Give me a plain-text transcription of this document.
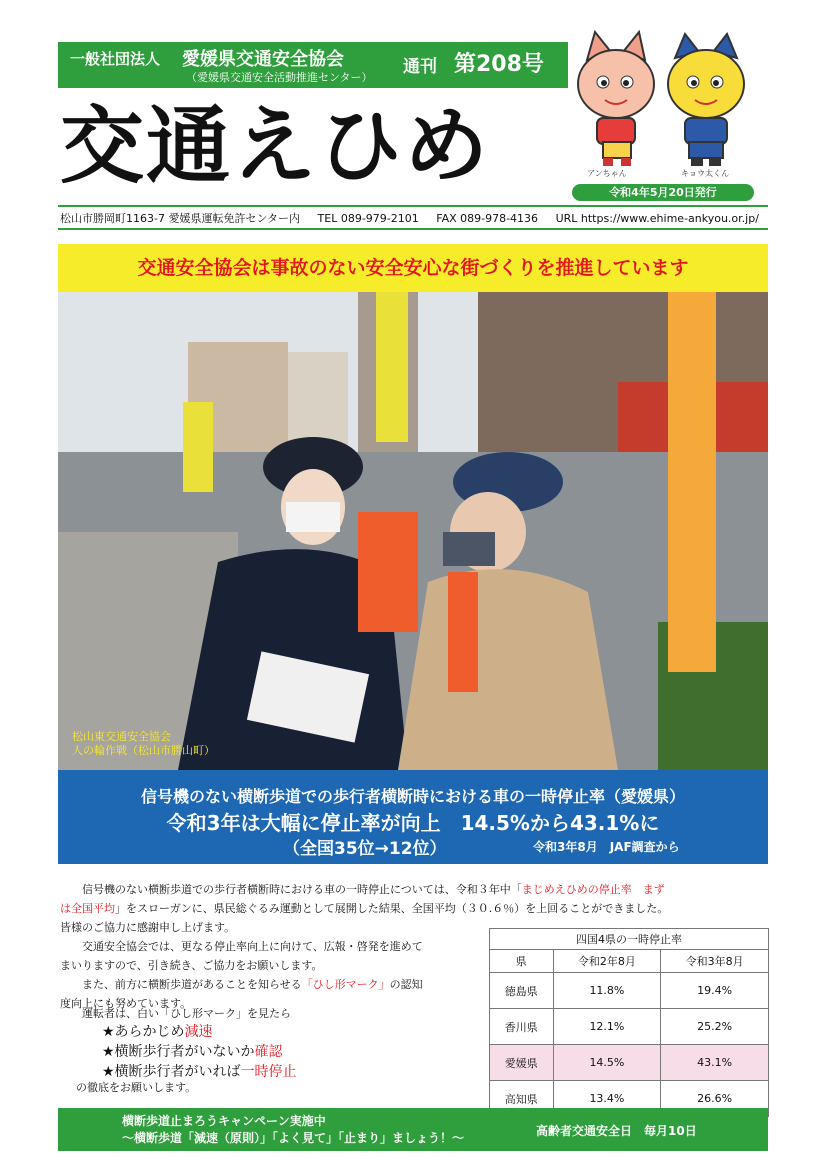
一般社団法人 愛媛県交通安全協会
（愛媛県交通安全活動推進センター）
通刊 第208号
交通えひめ	アンちゃん	キョウ太くん
令和4年5月20日発行
松山市勝岡町1163-7 愛媛県運転免許センター内 TEL 089-979-2101 FAX 089-978-4136 URL https://www.ehime-ankyou.or.jp/
交通安全協会は事故のない安全安心な街づくりを推進しています
松山東交通安全協会
人の輪作戦（松山市勝山町）
信号機のない横断歩道での歩行者横断時における車の一時停止率（愛媛県）
令和3年は大幅に停止率が向上　14.5%から43.1%に
（全国35位→12位）	令和3年8月　JAF調査から
信号機のない横断歩道での歩行者横断時における車の一時停止については、令和３年中「まじめえひめの停止率　まず
は全国平均」をスローガンに、県民総ぐるみ運動として展開した結果、全国平均（３０.６％）を上回ることができました。
皆様のご協力に感謝申し上げます。
交通安全協会では、更なる停止率向上に向けて、広報・啓発を進めて
まいりますので、引き続き、ご協力をお願いします。
また、前方に横断歩道があることを知らせる「ひし形マーク」の認知
度向上にも努めています。
運転者は、白い「ひし形マーク」を見たら
★あらかじめ減速
★横断歩行者がいないか確認
★横断歩行者がいれば一時停止
の徹底をお願いします。
四国4県の一時停止率		
県	令和2年8月	令和3年8月
徳島県	11.8%	19.4%
香川県	12.1%	25.2%
愛媛県	14.5%	43.1%
高知県	13.4%	26.6%
横断歩道止まろうキャンペーン実施中
～横断歩道「減速（原則）」「よく見て」「止まり」ましょう！～	高齢者交通安全日　毎月10日
